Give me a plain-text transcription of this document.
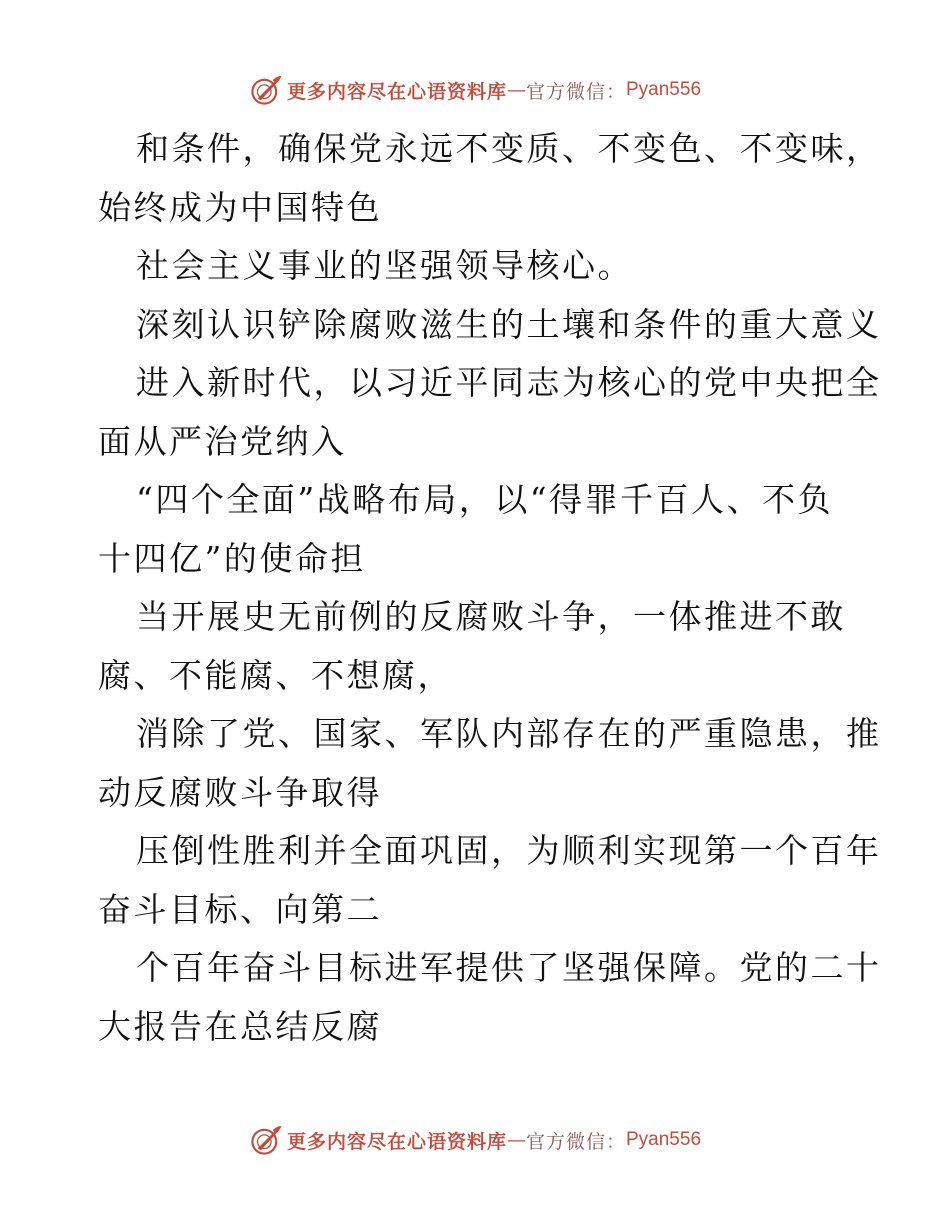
更多内容尽在心语资料库 — 官方微信： Pyan556
和条件，确保党永远不变质、不变色、不变味，
始终成为中国特色
社会主义事业的坚强领导核心。
深刻认识铲除腐败滋生的土壤和条件的重大意义
进入新时代，以习近平同志为核心的党中央把全
面从严治党纳入
“四个全面”战略布局，以“得罪千百人、不负
十四亿”的使命担
当开展史无前例的反腐败斗争，一体推进不敢
腐、不能腐、不想腐，
消除了党、国家、军队内部存在的严重隐患，推
动反腐败斗争取得
压倒性胜利并全面巩固，为顺利实现第一个百年
奋斗目标、向第二
个百年奋斗目标进军提供了坚强保障。党的二十
大报告在总结反腐
更多内容尽在心语资料库 — 官方微信： Pyan556
